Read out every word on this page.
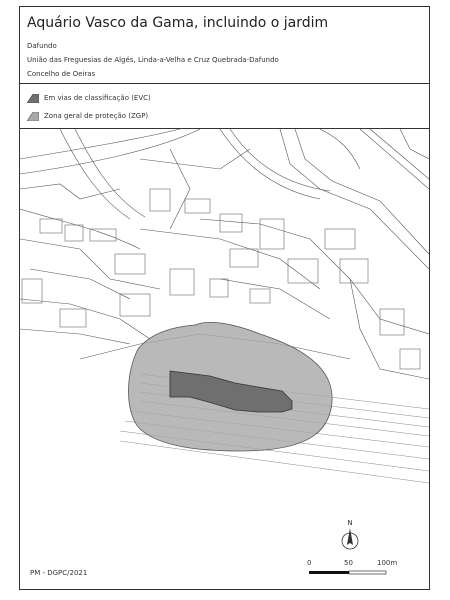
Aquário Vasco da Gama, incluindo o jardim
Dafundo
União das Freguesias de Algés, Linda-a-Velha e Cruz Quebrada-Dafundo
Concelho de Oeiras
Em vias de classificação (EVC)
Zona geral de proteção (ZGP)
N
0	50	100m
PM - DGPC/2021
